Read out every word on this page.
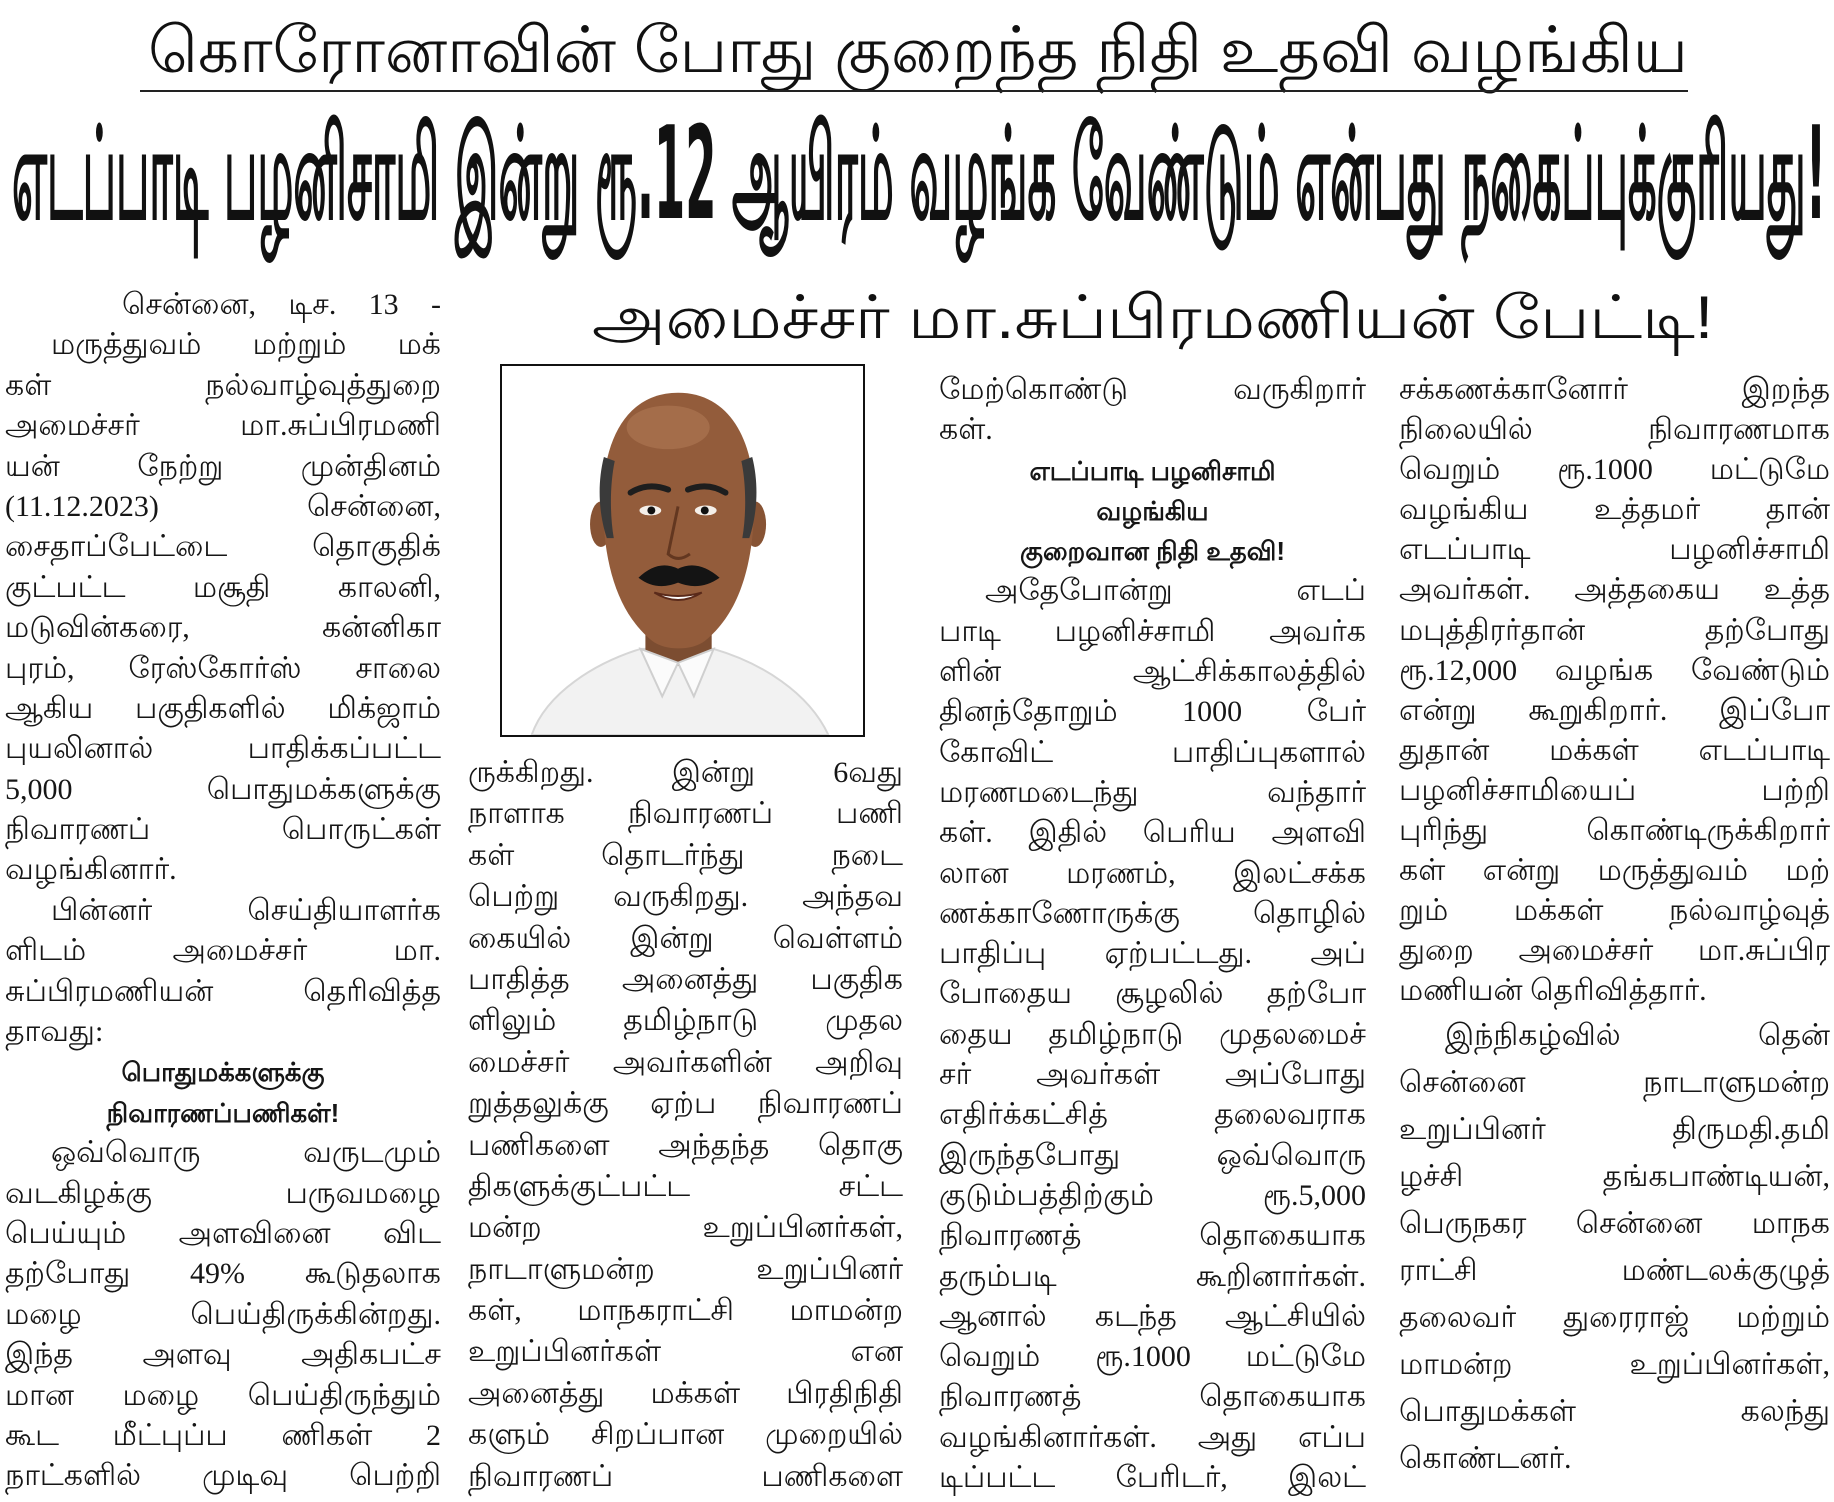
கொரோனாவின் போது குறைந்த நிதி உதவி வழங்கிய
எடப்பாடி பழனிசாமி இன்று ரூ.12 ஆயிரம் வழங்க வேண்டும் என்பது நகைப்புக்குரியது!
அமைச்சர் மா.சுப்பிரமணியன் பேட்டி!
சென்னை, டிச. 13 -
மருத்துவம் மற்றும் மக்
கள் நல்வாழ்வுத்துறை
அமைச்சர் மா.சுப்பிரமணி
யன் நேற்று முன்தினம்
(11.12.2023) சென்னை,
சைதாப்பேட்டை தொகுதிக்
குட்பட்ட மசூதி காலனி,
மடுவின்கரை, கன்னிகா
புரம், ரேஸ்கோர்ஸ் சாலை
ஆகிய பகுதிகளில் மிக்ஜாம்
புயலினால் பாதிக்கப்பட்ட
5,000 பொதுமக்களுக்கு
நிவாரணப் பொருட்கள்
வழங்கினார்.
பின்னர் செய்தியாளர்க
ளிடம் அமைச்சர் மா.
சுப்பிரமணியன் தெரிவித்த
தாவது:
பொதுமக்களுக்கு
நிவாரணப்பணிகள்!
ஒவ்வொரு வருடமும்
வடகிழக்கு பருவமழை
பெய்யும் அளவினை விட
தற்போது 49% கூடுதலாக
மழை பெய்திருக்கின்றது.
இந்த அளவு அதிகபட்ச
மான மழை பெய்திருந்தும்
கூட மீட்புப்ப ணிகள் 2
நாட்களில் முடிவு பெற்றி
ருக்கிறது. இன்று 6வது
நாளாக நிவாரணப் பணி
கள் தொடர்ந்து நடை
பெற்று வருகிறது. அந்தவ
கையில் இன்று வெள்ளம்
பாதித்த அனைத்து பகுதிக
ளிலும் தமிழ்நாடு முதல
மைச்சர் அவர்களின் அறிவு
றுத்தலுக்கு ஏற்ப நிவாரணப்
பணிகளை அந்தந்த தொகு
திகளுக்குட்பட்ட சட்ட
மன்ற உறுப்பினர்கள்,
நாடாளுமன்ற உறுப்பினர்
கள், மாநகராட்சி மாமன்ற
உறுப்பினர்கள் என
அனைத்து மக்கள் பிரதிநிதி
களும் சிறப்பான முறையில்
நிவாரணப் பணிகளை
மேற்கொண்டு வருகிறார்
கள்.
எடப்பாடி பழனிசாமி
வழங்கிய
குறைவான நிதி உதவி!
அதேபோன்று எடப்
பாடி பழனிச்சாமி அவர்க
ளின் ஆட்சிக்காலத்தில்
தினந்தோறும் 1000 பேர்
கோவிட் பாதிப்புகளால்
மரணமடைந்து வந்தார்
கள். இதில் பெரிய அளவி
லான மரணம், இலட்சக்க
ணக்காணோருக்கு தொழில்
பாதிப்பு ஏற்பட்டது. அப்
போதைய சூழலில் தற்போ
தைய தமிழ்நாடு முதலமைச்
சர் அவர்கள் அப்போது
எதிர்க்கட்சித் தலைவராக
இருந்தபோது ஒவ்வொரு
குடும்பத்திற்கும் ரூ.5,000
நிவாரணத் தொகையாக
தரும்படி கூறினார்கள்.
ஆனால் கடந்த ஆட்சியில்
வெறும் ரூ.1000 மட்டுமே
நிவாரணத் தொகையாக
வழங்கினார்கள். அது எப்ப
டிப்பட்ட பேரிடர், இலட்
சக்கணக்கானோர் இறந்த
நிலையில் நிவாரணமாக
வெறும் ரூ.1000 மட்டுமே
வழங்கிய உத்தமர் தான்
எடப்பாடி பழனிச்சாமி
அவர்கள். அத்தகைய உத்த
மபுத்திரர்தான் தற்போது
ரூ.12,000 வழங்க வேண்டும்
என்று கூறுகிறார். இப்போ
துதான் மக்கள் எடப்பாடி
பழனிச்சாமியைப் பற்றி
புரிந்து கொண்டிருக்கிறார்
கள் என்று மருத்துவம் மற்
றும் மக்கள் நல்வாழ்வுத்
துறை அமைச்சர் மா.சுப்பிர
மணியன் தெரிவித்தார்.
இந்நிகழ்வில் தென்
சென்னை நாடாளுமன்ற
உறுப்பினர் திருமதி.தமி
ழச்சி தங்கபாண்டியன்,
பெருநகர சென்னை மாநக
ராட்சி மண்டலக்குழுத்
தலைவர் துரைராஜ் மற்றும்
மாமன்ற உறுப்பினர்கள்,
பொதுமக்கள் கலந்து
கொண்டனர்.
